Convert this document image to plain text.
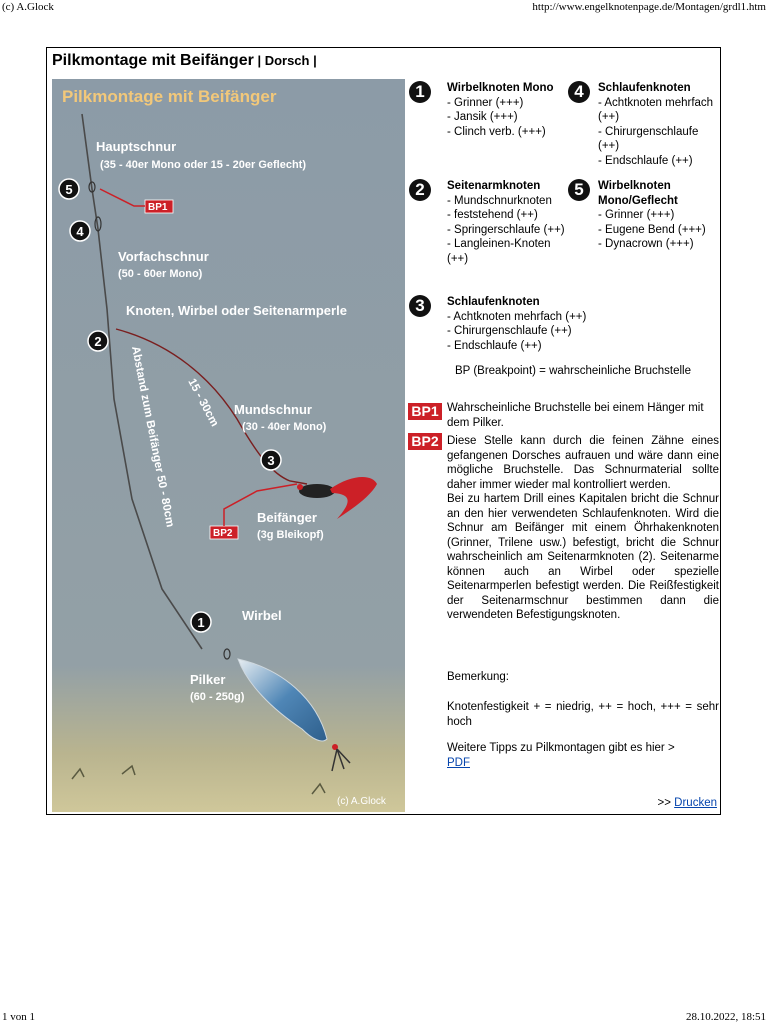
(c) A.Glock	http://www.engelknotenpage.de/Montagen/grdl1.htm
Pilkmontage mit Beifänger | Dorsch |
Pilkmontage mit Beifänger
Hauptschnur
(35 - 40er Mono oder 15 - 20er Geflecht)
Vorfachschnur
(50 - 60er Mono)
Knoten, Wirbel oder Seitenarmperle
Abstand zum Beifänger 50 - 80cm 15 - 30cm Mundschnur
(30 - 40er Mono)
Beifänger
(3g Bleikopf)
Wirbel
Pilker
(60 - 250g)
(c) A.Glock
BP1
BP2
5
4
2
3
1
1	Wirbelknoten Mono
- Grinner (+++)
- Jansik (+++)
- Clinch verb. (+++)
4	Schlaufenknoten
- Achtknoten mehrfach (++)
- Chirurgenschlaufe (++)
- Endschlaufe (++)
2	Seitenarmknoten
- Mundschnurknoten
- feststehend (++)
- Springerschlaufe (++)
- Langleinen-Knoten (++)
5	Wirbelknoten Mono/Geflecht
- Grinner (+++)
- Eugene Bend (+++)
- Dynacrown (+++)
3	Schlaufenknoten
- Achtknoten mehrfach (++)
- Chirurgenschlaufe (++)
- Endschlaufe (++)
BP (Breakpoint) = wahrscheinliche Bruchstelle
BP1 Wahrscheinliche Bruchstelle bei einem Hänger mit dem Pilker.
BP2 Diese Stelle kann durch die feinen Zähne eines gefangenen Dorsches aufrauen und wäre dann eine mögliche Bruchstelle. Das Schnurmaterial sollte daher immer wieder mal kontrolliert werden.
Bei zu hartem Drill eines Kapitalen bricht die Schnur an den hier verwendeten Schlaufenknoten. Wird die Schnur am Beifänger mit einem Öhrhakenknoten (Grinner, Trilene usw.) befestigt, bricht die Schnur wahrscheinlich am Seitenarmknoten (2). Seitenarme können auch an Wirbel oder spezielle Seitenarmperlen befestigt werden. Die Reißfestigkeit der Seitenarmschnur bestimmen dann die verwendeten Befestigungsknoten.
Bemerkung:
Knotenfestigkeit + = niedrig, ++ = hoch, +++ = sehr hoch
Weitere Tipps zu Pilkmontagen gibt es hier >
PDF
>> Drucken
1 von 1	28.10.2022, 18:51
